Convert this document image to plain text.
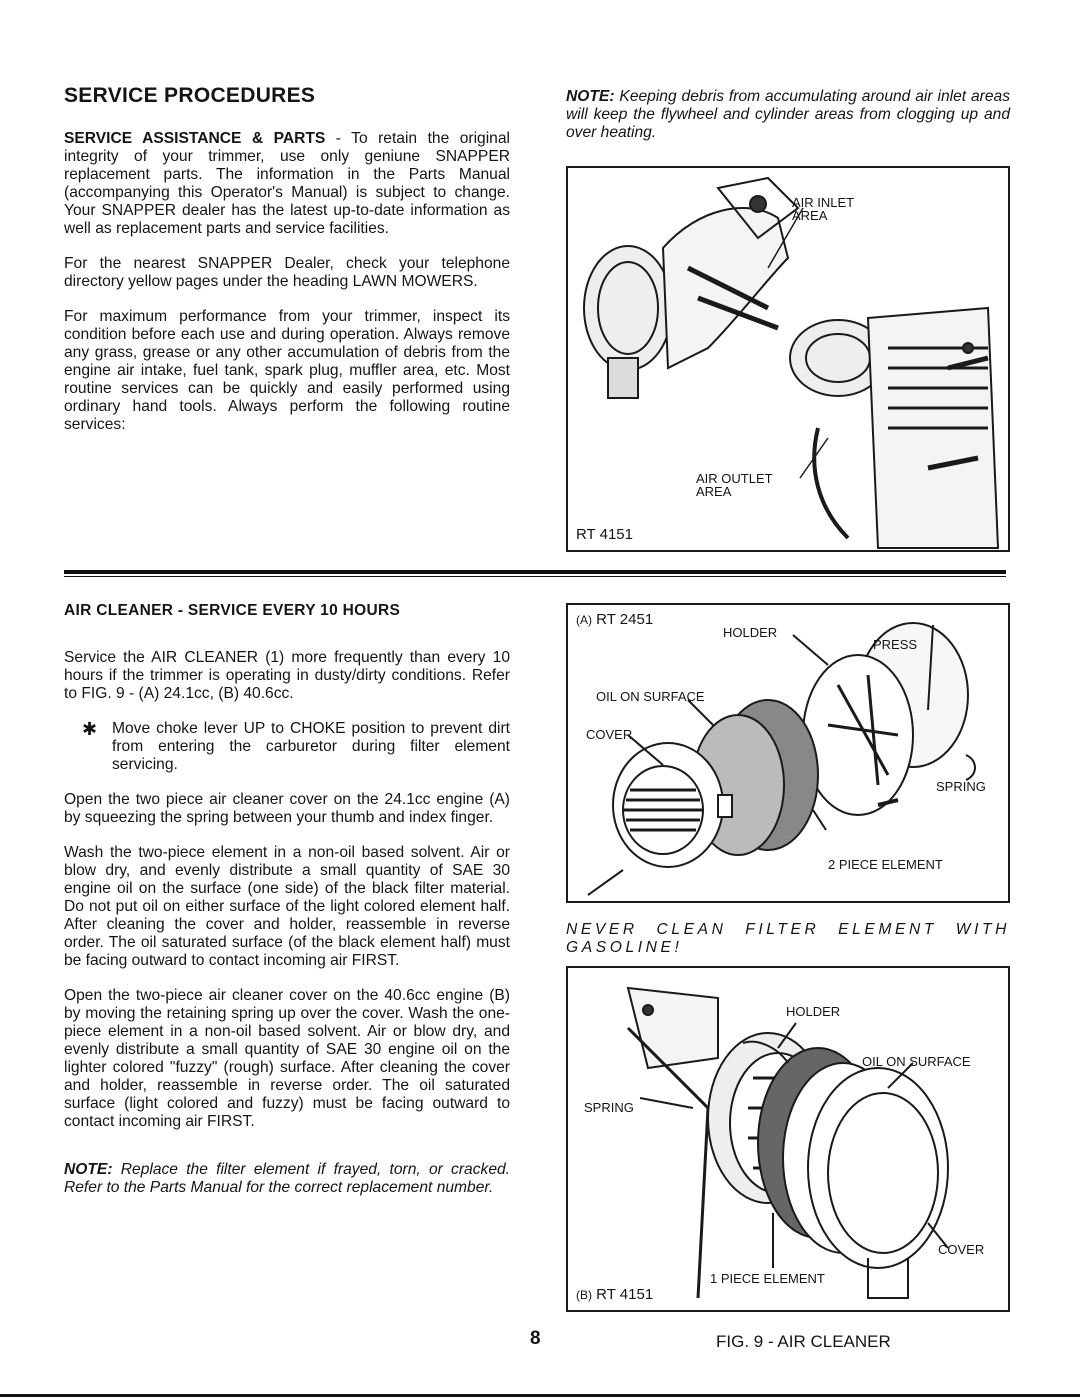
SERVICE PROCEDURES

SERVICE ASSISTANCE & PARTS - To retain the original integrity of your trimmer, use only geniune SNAPPER replacement parts. The information in the Parts Manual (accompanying this Operator's Manual) is subject to change. Your SNAPPER dealer has the latest up-to-date information as well as replacement parts and service facilities.

For the nearest SNAPPER Dealer, check your telephone directory yellow pages under the heading LAWN MOWERS.

For maximum performance from your trimmer, inspect its condition before each use and during operation. Always remove any grass, grease or any other accumulation of debris from the engine air intake, fuel tank, spark plug, muffler area, etc. Most routine services can be quickly and easily performed using ordinary hand tools. Always perform the following routine services:

NOTE: Keeping debris from accumulating around air inlet areas will keep the flywheel and cylinder areas from clogging up and over heating.

AIR INLET AREA
AIR OUTLET AREA
RT 4151
AIR CLEANER - SERVICE EVERY 10 HOURS

Service the AIR CLEANER (1) more frequently than every 10 hours if the trimmer is operating in dusty/dirty conditions. Refer to FIG. 9 - (A) 24.1cc, (B) 40.6cc.

✱ Move choke lever UP to CHOKE position to prevent dirt from entering the carburetor during filter element servicing.

Open the two piece air cleaner cover on the 24.1cc engine (A) by squeezing the spring between your thumb and index finger.

Wash the two-piece element in a non-oil based solvent. Air or blow dry, and evenly distribute a small quantity of SAE 30 engine oil on the surface (one side) of the black filter material. Do not put oil on either surface of the light colored element half. After cleaning the cover and holder, reassemble in reverse order. The oil saturated surface (of the black element half) must be facing outward to contact incoming air FIRST.

Open the two-piece air cleaner cover on the 40.6cc engine (B) by moving the retaining spring up over the cover. Wash the one-piece element in a non-oil based solvent. Air or blow dry, and evenly distribute a small quantity of SAE 30 engine oil on the lighter colored "fuzzy" (rough) surface. After cleaning the cover and holder, reassemble in reverse order. The oil saturated surface (light colored and fuzzy) must be facing outward to contact incoming air FIRST.

NOTE: Replace the filter element if frayed, torn, or cracked. Refer to the Parts Manual for the correct replacement number.

(A) RT 2451
HOLDER
PRESS
OIL ON SURFACE
COVER
SPRING
2 PIECE ELEMENT

NEVER CLEAN FILTER ELEMENT WITH GASOLINE!

HOLDER
OIL ON SURFACE
SPRING
COVER
1 PIECE ELEMENT
(B) RT 4151
8	FIG. 9 - AIR CLEANER
